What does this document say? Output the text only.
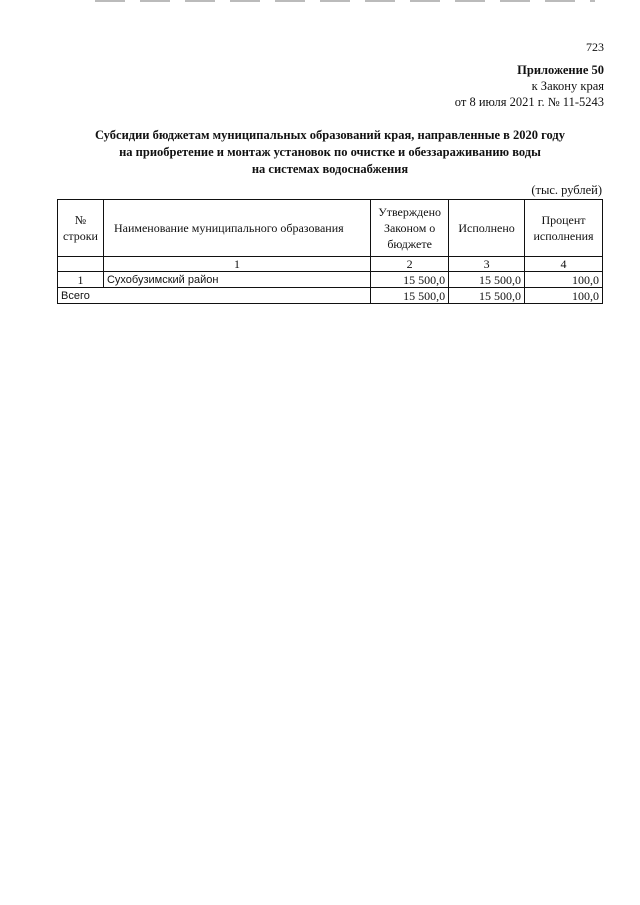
723
Приложение 50
к Закону края
от 8 июля 2021 г. № 11-5243
Субсидии бюджетам муниципальных образований края, направленные в 2020 году
на приобретение и монтаж установок по очистке и обеззараживанию воды
на системах водоснабжения
(тыс. рублей)
№
строки	Наименование муниципального образования	Утверждено Законом о бюджете	Исполнено	Процент исполнения
	1	2	3	4
1	Сухобузимский район	15 500,0	15 500,0	100,0
Всего		15 500,0	15 500,0	100,0
